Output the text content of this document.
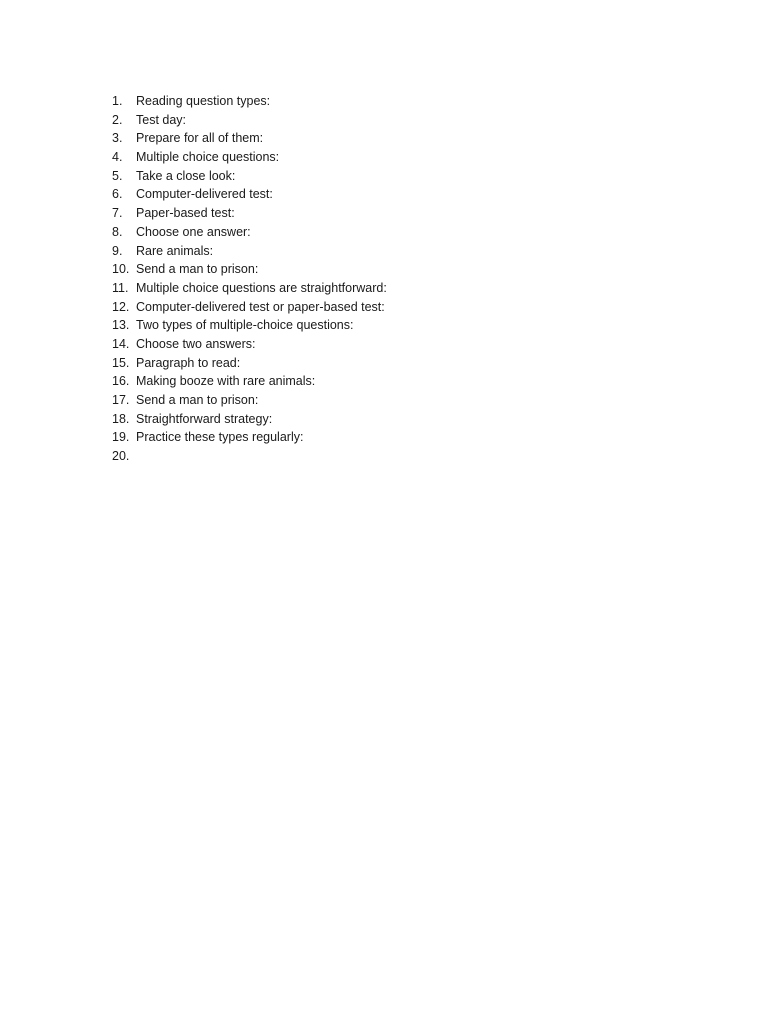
1.	Reading question types:
2.	Test day:
3.	Prepare for all of them:
4.	Multiple choice questions:
5.	Take a close look:
6.	Computer-delivered test:
7.	Paper-based test:
8.	Choose one answer:
9.	Rare animals:
10. Send a man to prison:
11. Multiple choice questions are straightforward:
12. Computer-delivered test or paper-based test:
13. Two types of multiple-choice questions:
14. Choose two answers:
15. Paragraph to read:
16. Making booze with rare animals:
17. Send a man to prison:
18. Straightforward strategy:
19. Practice these types regularly:
20.
